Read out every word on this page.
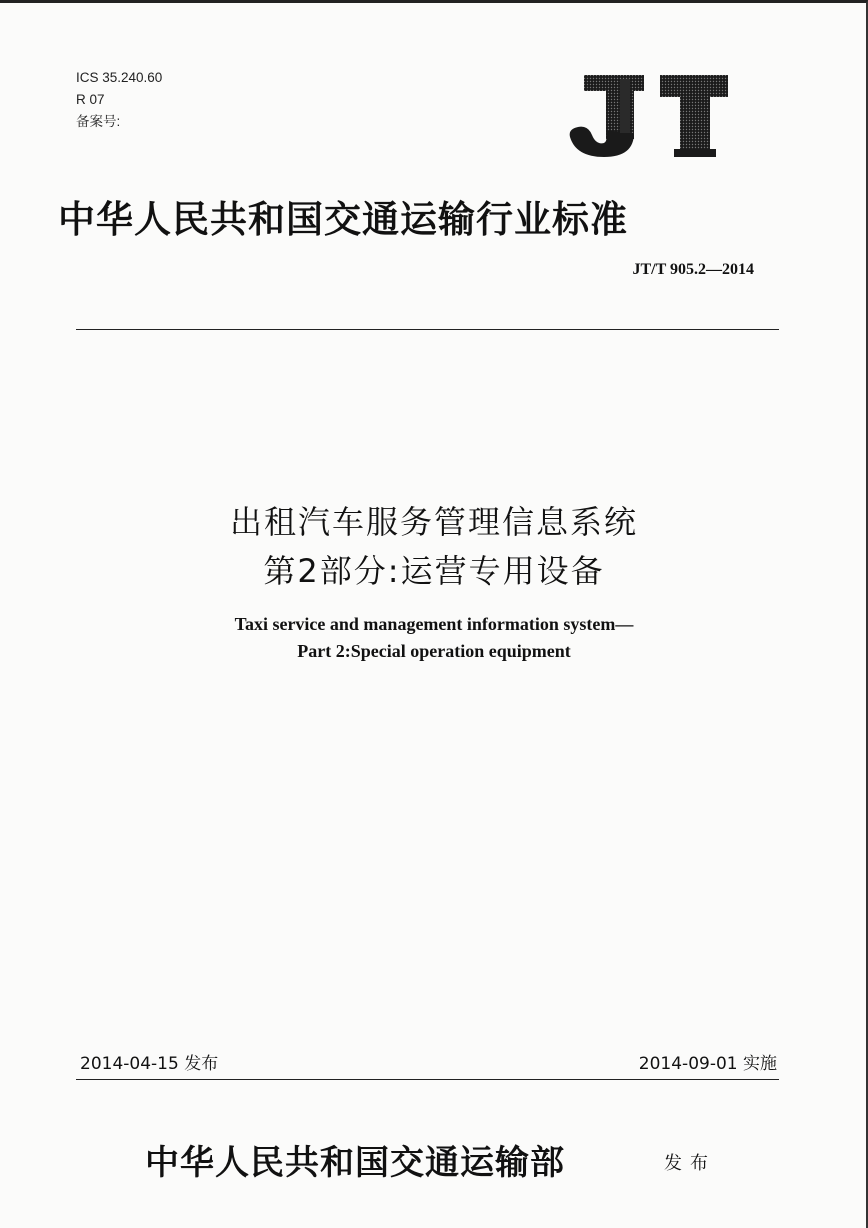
ICS 35.240.60
R 07
备案号:
中华人民共和国交通运输行业标准
JT/T 905.2—2014
出租汽车服务管理信息系统
第2部分:运营专用设备
Taxi service and management information system—
Part 2:Special operation equipment
2014-04-15 发布	2014-09-01 实施
中华人民共和国交通运输部	发布
